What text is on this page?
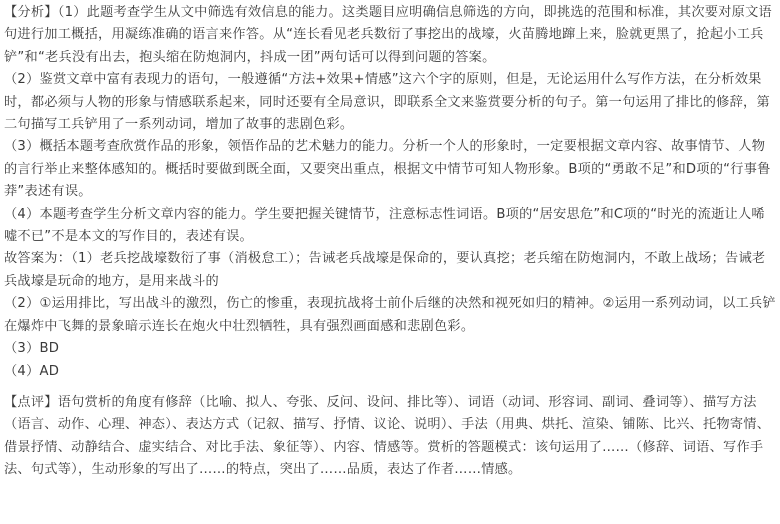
【分析】（1）此题考查学生从文中筛选有效信息的能力。这类题目应明确信息筛选的方向，即挑选的范围和标准，其次要对原文语句进行加工概括，用凝练准确的语言来作答。从“连长看见老兵数衍了事挖出的战壕，火苗腾地蹿上来，脸就更黑了，抢起小工兵铲”和“老兵没有出去，抱头缩在防炮洞内，抖成一团”两句话可以得到问题的答案。

（2）鉴赏文章中富有表现力的语句，一般遵循“方法+效果+情感”这六个字的原则，但是，无论运用什么写作方法，在分析效果时，都必须与人物的形象与情感联系起来，同时还要有全局意识，即联系全文来鉴赏要分析的句子。第一句运用了排比的修辞，第二句描写工兵铲用了一系列动词，增加了故事的悲剧色彩。

（3）概括本题考查欣赏作品的形象，领悟作品的艺术魅力的能力。分析一个人的形象时，一定要根据文章内容、故事情节、人物的言行举止来整体感知的。概括时要做到既全面，又要突出重点，根据文中情节可知人物形象。B项的“勇敢不足”和D项的“行事鲁莽”表述有误。

（4）本题考查学生分析文章内容的能力。学生要把握关键情节，注意标志性词语。B项的“居安思危”和C项的“时光的流逝让人唏嘘不已”不是本文的写作目的，表述有误。

故答案为：（1）老兵挖战壕数衍了事（消极怠工）；告诫老兵战壕是保命的，要认真挖；老兵缩在防炮洞内，不敢上战场；告诫老兵战壕是玩命的地方，是用来战斗的

（2）①运用排比，写出战斗的激烈，伤亡的惨重，表现抗战将士前仆后继的决然和视死如归的精神。②运用一系列动词，以工兵铲在爆炸中飞舞的景象暗示连长在炮火中壮烈牺牲，具有强烈画面感和悲剧色彩。

（3）BD

（4）AD

【点评】语句赏析的角度有修辞（比喻、拟人、夸张、反问、设问、排比等）、词语（动词、形容词、副词、叠词等）、描写方法（语言、动作、心理、神态）、表达方式（记叙、描写、抒情、议论、说明）、手法（用典、烘托、渲染、铺陈、比兴、托物寄情、借景抒情、动静结合、虚实结合、对比手法、象征等）、内容、情感等。赏析的答题模式：该句运用了……（修辞、词语、写作手法、句式等），生动形象的写出了……的特点，突出了……品质，表达了作者……情感。
